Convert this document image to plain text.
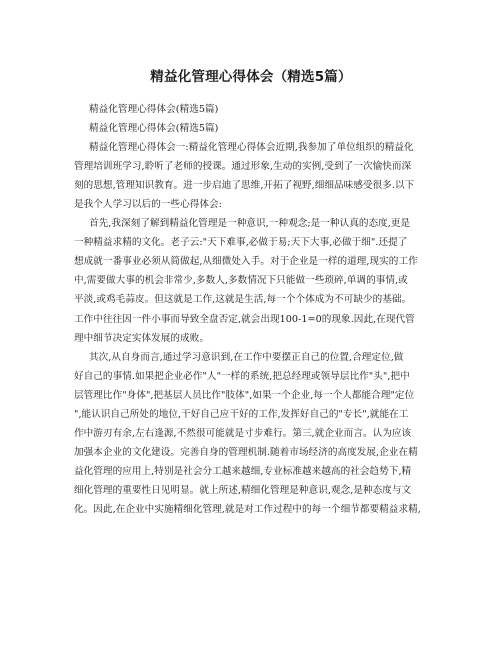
精益化管理心得体会（精选5篇）
精益化管理心得体会(精选5篇)
精益化管理心得体会(精选5篇)
精益化管理心得体会一:精益化管理心得体会近期,我参加了单位组织的精益化
管理培训班学习,聆听了老师的授课。通过形象,生动的实例,受到了一次愉快而深
刻的思想,管理知识教育。进一步启迪了思维,开拓了视野,细细品味感受很多.以下
是我个人学习以后的一些心得体会:
首先,我深刻了解到精益化管理是一种意识,一种观念;是一种认真的态度,更是
一种精益求精的文化。老子云:"天下难事,必做于易;天下大事,必做于细".还提了
想成就一番事业必须从简做起,从细微处入手。对于企业是一样的道理,现实的工作
中,需要做大事的机会非常少,多数人,多数情况下只能做一些琐碎,单调的事情,或
平淡,或鸡毛蒜皮。但这就是工作,这就是生活,每一个个体成为不可缺少的基础。
工作中往往因一件小事而导致全盘否定,就会出现100-1=0的现象.因此,在现代管
理中细节决定实体发展的成败。
其次,从自身而言,通过学习意识到,在工作中要摆正自己的位置,合理定位,做
好自己的事情.如果把企业必作"人"一样的系统,把总经理或领导层比作"头",把中
层管理比作"身体",把基层人员比作"肢体",如果一个企业,每一个人都能合理"定位
",能认识自己所处的地位,干好自己应干好的工作,发挥好自己的"专长",就能在工
作中游刃有余,左右逢源,不然很可能就是寸步难行。第三,就企业而言。认为应该
加强本企业的文化建设。完善自身的管理机制.随着市场经济的高度发展,企业在精
益化管理的应用上,特别是社会分工越来越细,专业标准越来越高的社会趋势下,精
细化管理的重要性日见明显。就上所述,精细化管理是种意识,观念,是种态度与文
化。因此,在企业中实施精细化管理,就是对工作过程中的每一个细节都要精益求精,
